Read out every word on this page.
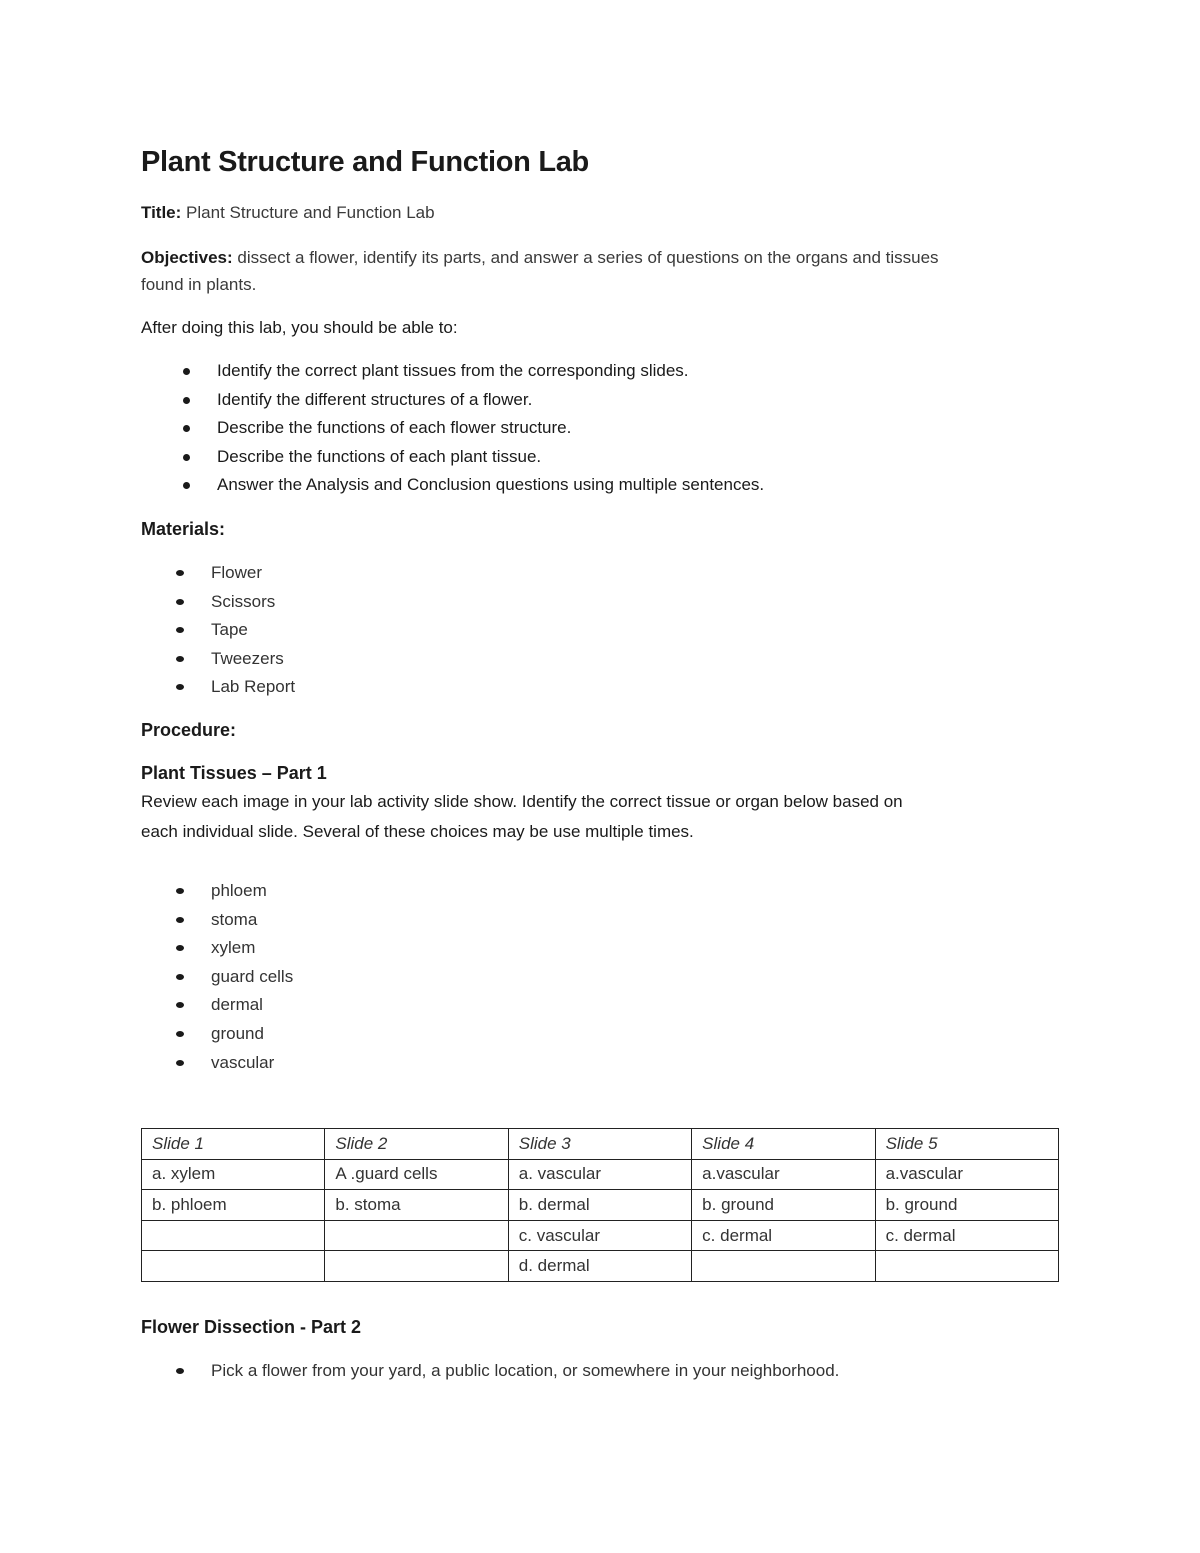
Plant Structure and Function Lab

Title: Plant Structure and Function Lab

Objectives: dissect a flower, identify its parts, and answer a series of questions on the organs and tissues

found in plants.

After doing this lab, you should be able to:

Identify the correct plant tissues from the corresponding slides.
Identify the different structures of a flower.
Describe the functions of each flower structure.
Describe the functions of each plant tissue.
Answer the Analysis and Conclusion questions using multiple sentences.

Materials:

Flower
Scissors
Tape
Tweezers
Lab Report

Procedure:

Plant Tissues – Part 1

Review each image in your lab activity slide show. Identify the correct tissue or organ below based on

each individual slide. Several of these choices may be use multiple times.

phloem
stoma
xylem
guard cells
dermal
ground
vascular
Slide 1	Slide 2	Slide 3	Slide 4	Slide 5
a. xylem	A .guard cells	a. vascular	a.vascular	a.vascular
b. phloem	b. stoma	b. dermal	b. ground	b. ground
		c. vascular	c. dermal	c. dermal
		d. dermal		

Flower Dissection - Part 2

Pick a flower from your yard, a public location, or somewhere in your neighborhood.
